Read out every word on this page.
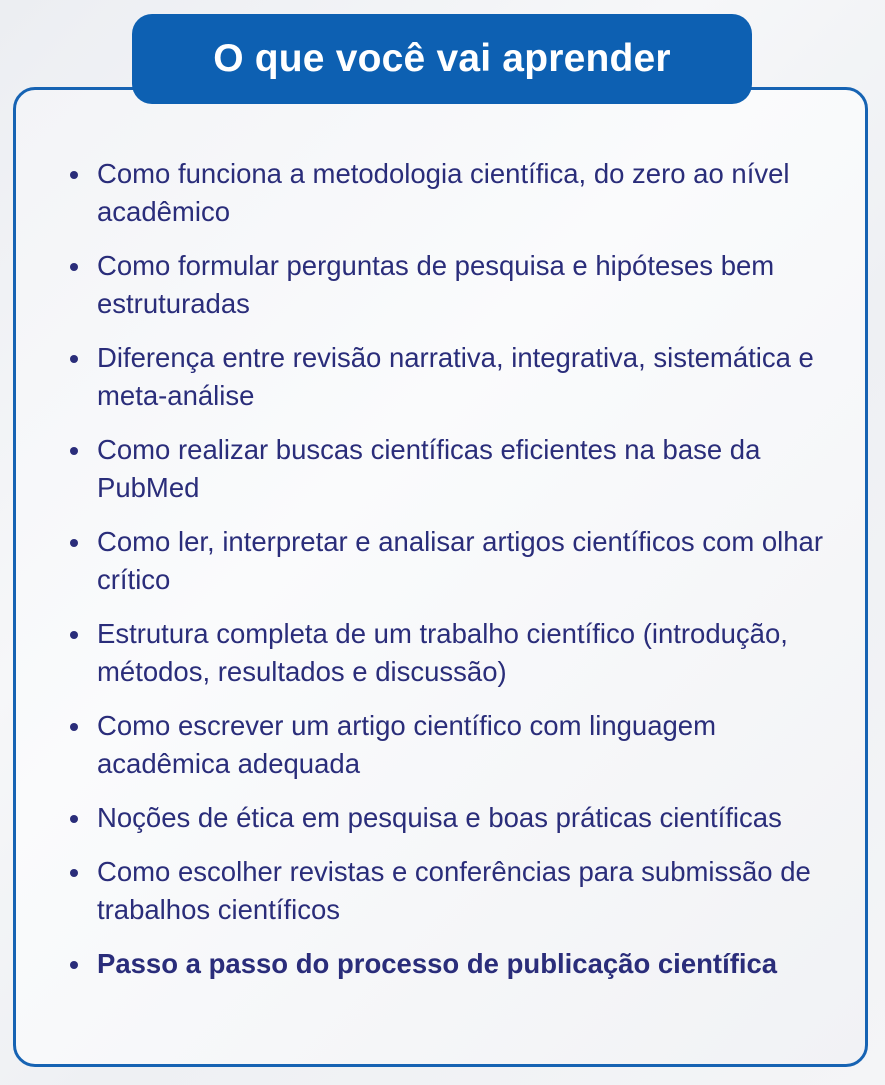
O que você vai aprender
Como funciona a metodologia científica, do zero ao nível acadêmico
Como formular perguntas de pesquisa e hipóteses bem estruturadas
Diferença entre revisão narrativa, integrativa, sistemática e meta-análise
Como realizar buscas científicas eficientes na base da PubMed
Como ler, interpretar e analisar artigos científicos com olhar crítico
Estrutura completa de um trabalho científico (introdução, métodos, resultados e discussão)
Como escrever um artigo científico com linguagem acadêmica adequada
Noções de ética em pesquisa e boas práticas científicas
Como escolher revistas e conferências para submissão de trabalhos científicos
Passo a passo do processo de publicação científica
